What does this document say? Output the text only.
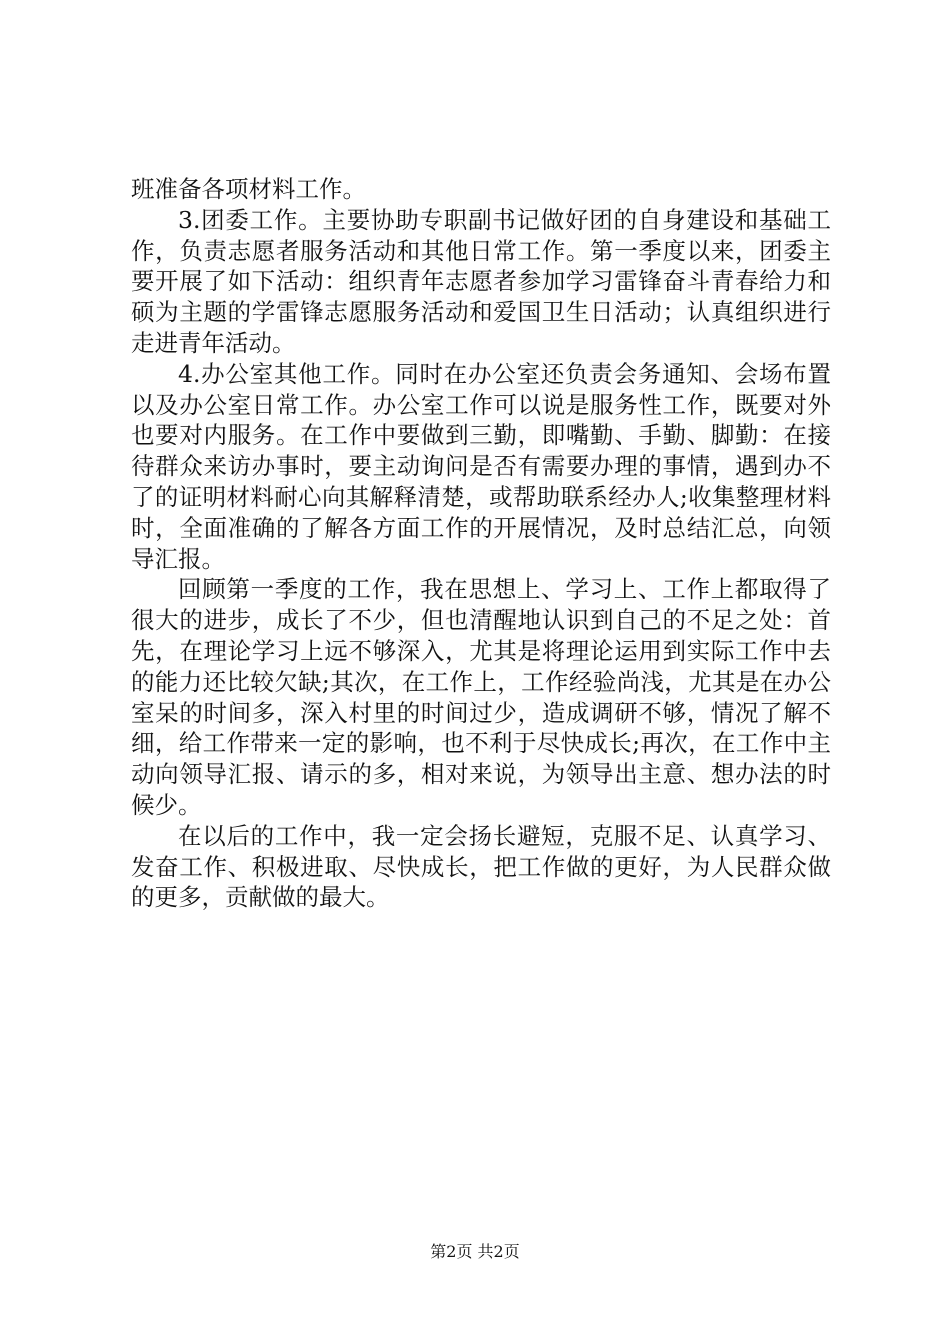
班准备各项材料工作。

3.团委工作。主要协助专职副书记做好团的自身建设和基础工作，负责志愿者服务活动和其他日常工作。第一季度以来，团委主要开展了如下活动：组织青年志愿者参加学习雷锋奋斗青春给力和硕为主题的学雷锋志愿服务活动和爱国卫生日活动；认真组织进行走进青年活动。

4.办公室其他工作。同时在办公室还负责会务通知、会场布置以及办公室日常工作。办公室工作可以说是服务性工作，既要对外也要对内服务。在工作中要做到三勤，即嘴勤、手勤、脚勤：在接待群众来访办事时，要主动询问是否有需要办理的事情，遇到办不了的证明材料耐心向其解释清楚，或帮助联系经办人;收集整理材料时，全面准确的了解各方面工作的开展情况，及时总结汇总，向领导汇报。

回顾第一季度的工作，我在思想上、学习上、工作上都取得了很大的进步，成长了不少，但也清醒地认识到自己的不足之处：首先，在理论学习上远不够深入，尤其是将理论运用到实际工作中去的能力还比较欠缺;其次，在工作上，工作经验尚浅，尤其是在办公室呆的时间多，深入村里的时间过少，造成调研不够，情况了解不细，给工作带来一定的影响，也不利于尽快成长;再次，在工作中主动向领导汇报、请示的多，相对来说，为领导出主意、想办法的时候少。

在以后的工作中，我一定会扬长避短，克服不足、认真学习、发奋工作、积极进取、尽快成长，把工作做的更好，为人民群众做的更多，贡献做的最大。

第2页 共2页
